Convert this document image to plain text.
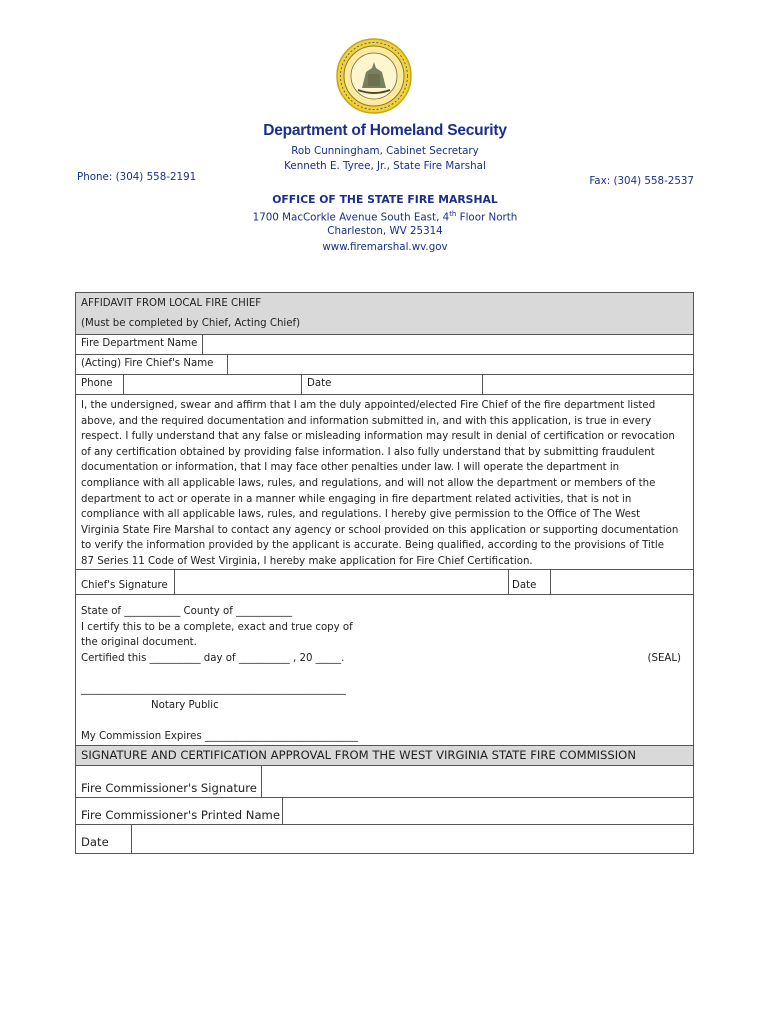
Department of Homeland Security
Rob Cunningham, Cabinet Secretary
Phone: (304) 558-2191
Kenneth E. Tyree, Jr., State Fire Marshal
Fax: (304) 558-2537
OFFICE OF THE STATE FIRE MARSHAL
1700 MacCorkle Avenue South East, 4th Floor North
Charleston, WV 25314
www.firemarshal.wv.gov
AFFIDAVIT FROM LOCAL FIRE CHIEF
(Must be completed by Chief, Acting Chief)
Fire Department Name
(Acting) Fire Chief's Name
Phone	Date
I, the undersigned, swear and affirm that I am the duly appointed/elected Fire Chief of the fire department listed above, and the required documentation and information submitted in, and with this application, is true in every respect. I fully understand that any false or misleading information may result in denial of certification or revocation of any certification obtained by providing false information. I also fully understand that by submitting fraudulent documentation or information, that I may face other penalties under law. I will operate the department in compliance with all applicable laws, rules, and regulations, and will not allow the department or members of the department to act or operate in a manner while engaging in fire department related activities, that is not in compliance with all applicable laws, rules, and regulations. I hereby give permission to the Office of The West Virginia State Fire Marshal to contact any agency or school provided on this application or supporting documentation to verify the information provided by the applicant is accurate. Being qualified, according to the provisions of Title 87 Series 11 Code of West Virginia, I hereby make application for Fire Chief Certification.
Chief's Signature	Date
State of ___________ County of ___________
I certify this to be a complete, exact and true copy of
the original document.
Certified this __________ day of __________ , 20 _____.	(SEAL)
____________________________________________________
Notary Public
My Commission Expires ______________________________
SIGNATURE AND CERTIFICATION APPROVAL FROM THE WEST VIRGINIA STATE FIRE COMMISSION
Fire Commissioner's Signature
Fire Commissioner's Printed Name
Date
